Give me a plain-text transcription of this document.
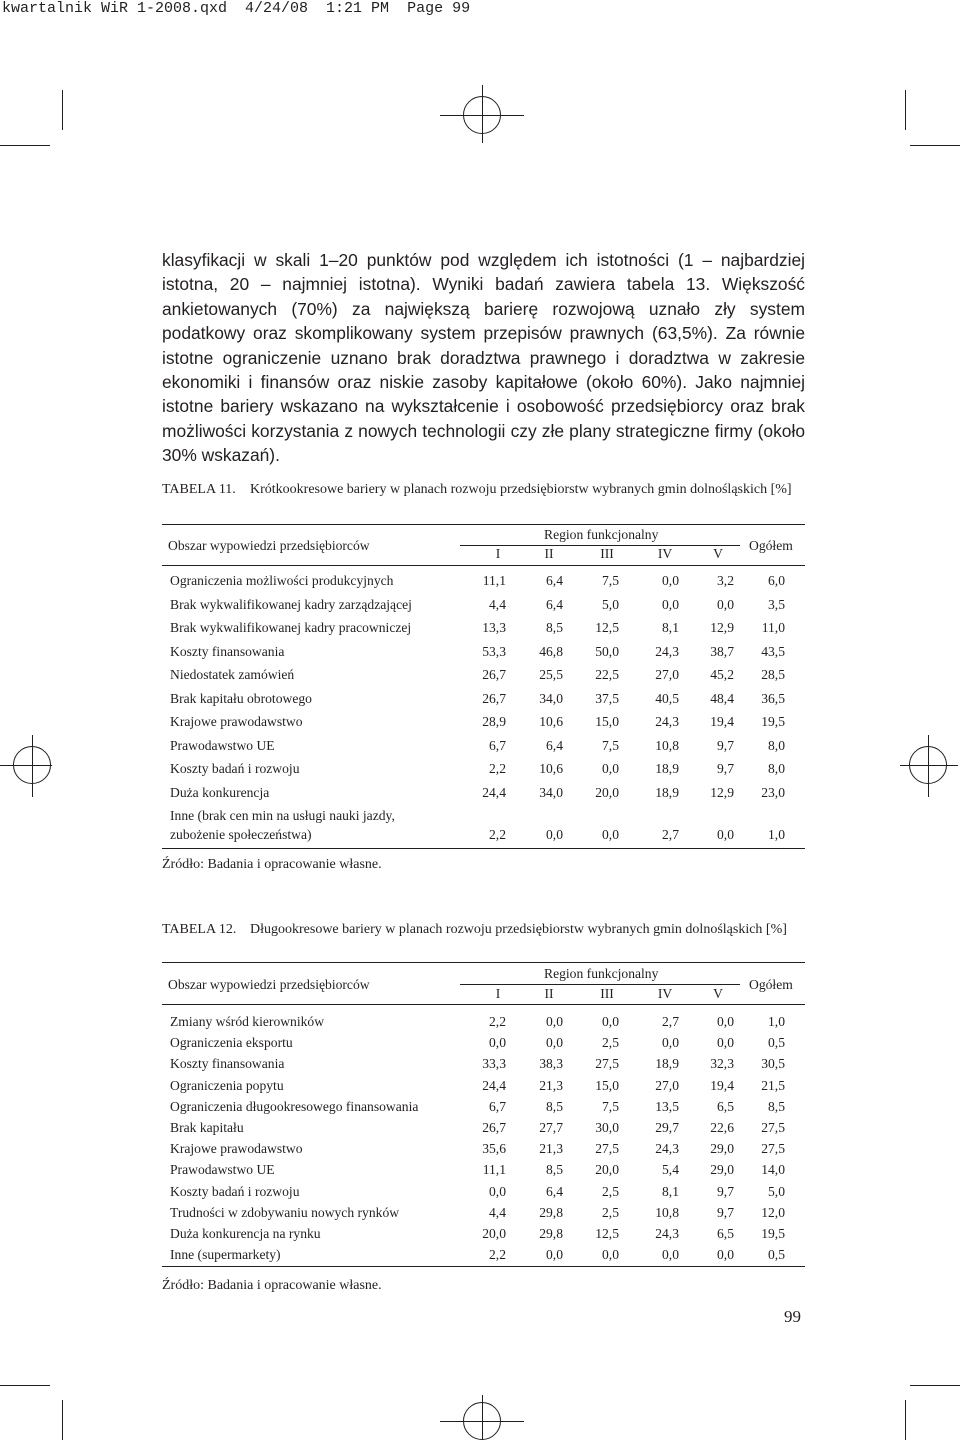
kwartalnik WiR 1-2008.qxd  4/24/08  1:21 PM  Page 99

klasyfikacji w skali 1–20 punktów pod względem ich istotności (1 – najbardziej istotna, 20 – najmniej istotna). Wyniki badań zawiera tabela 13. Większość ankietowanych (70%) za największą barierę rozwojową uznało zły system podatkowy oraz skomplikowany system przepisów prawnych (63,5%). Za równie istotne ograniczenie uznano brak doradztwa prawnego i doradztwa w zakresie ekonomiki i finansów oraz niskie zasoby kapitałowe (około 60%). Jako najmniej istotne bariery wskazano na wykształcenie i osobowość przedsiębiorcy oraz brak możliwości korzystania z nowych technologii czy złe plany strategiczne firmy (około 30% wskazań).

TABELA 11. Krótkookresowe bariery w planach rozwoju przedsiębiorstw wybranych gmin dolnośląskich [%]
Obszar wypowiedzi przedsiębiorców
Region funkcjonalny
Ogółem
I	II	III	IV	V
Ograniczenia możliwości produkcyjnych	11,1	6,4	7,5	0,0	3,2	6,0
Brak wykwalifikowanej kadry zarządzającej	4,4	6,4	5,0	0,0	0,0	3,5
Brak wykwalifikowanej kadry pracowniczej	13,3	8,5	12,5	8,1	12,9	11,0
Koszty finansowania	53,3	46,8	50,0	24,3	38,7	43,5
Niedostatek zamówień	26,7	25,5	22,5	27,0	45,2	28,5
Brak kapitału obrotowego	26,7	34,0	37,5	40,5	48,4	36,5
Krajowe prawodawstwo	28,9	10,6	15,0	24,3	19,4	19,5
Prawodawstwo UE	6,7	6,4	7,5	10,8	9,7	8,0
Koszty badań i rozwoju	2,2	10,6	0,0	18,9	9,7	8,0
Duża konkurencja	24,4	34,0	20,0	18,9	12,9	23,0
Inne (brak cen min na usługi nauki jazdy,
zubożenie społeczeństwa)	2,2	0,0	0,0	2,7	0,0	1,0
Źródło: Badania i opracowanie własne.
TABELA 12. Długookresowe bariery w planach rozwoju przedsiębiorstw wybranych gmin dolnośląskich [%]
Obszar wypowiedzi przedsiębiorców
Region funkcjonalny
Ogółem
I	II	III	IV	V
Zmiany wśród kierowników	2,2	0,0	0,0	2,7	0,0	1,0
Ograniczenia eksportu	0,0	0,0	2,5	0,0	0,0	0,5
Koszty finansowania	33,3	38,3	27,5	18,9	32,3	30,5
Ograniczenia popytu	24,4	21,3	15,0	27,0	19,4	21,5
Ograniczenia długookresowego finansowania	6,7	8,5	7,5	13,5	6,5	8,5
Brak kapitału	26,7	27,7	30,0	29,7	22,6	27,5
Krajowe prawodawstwo	35,6	21,3	27,5	24,3	29,0	27,5
Prawodawstwo UE	11,1	8,5	20,0	5,4	29,0	14,0
Koszty badań i rozwoju	0,0	6,4	2,5	8,1	9,7	5,0
Trudności w zdobywaniu nowych rynków	4,4	29,8	2,5	10,8	9,7	12,0
Duża konkurencja na rynku	20,0	29,8	12,5	24,3	6,5	19,5
Inne (supermarkety)	2,2	0,0	0,0	0,0	0,0	0,5
Źródło: Badania i opracowanie własne.
99
